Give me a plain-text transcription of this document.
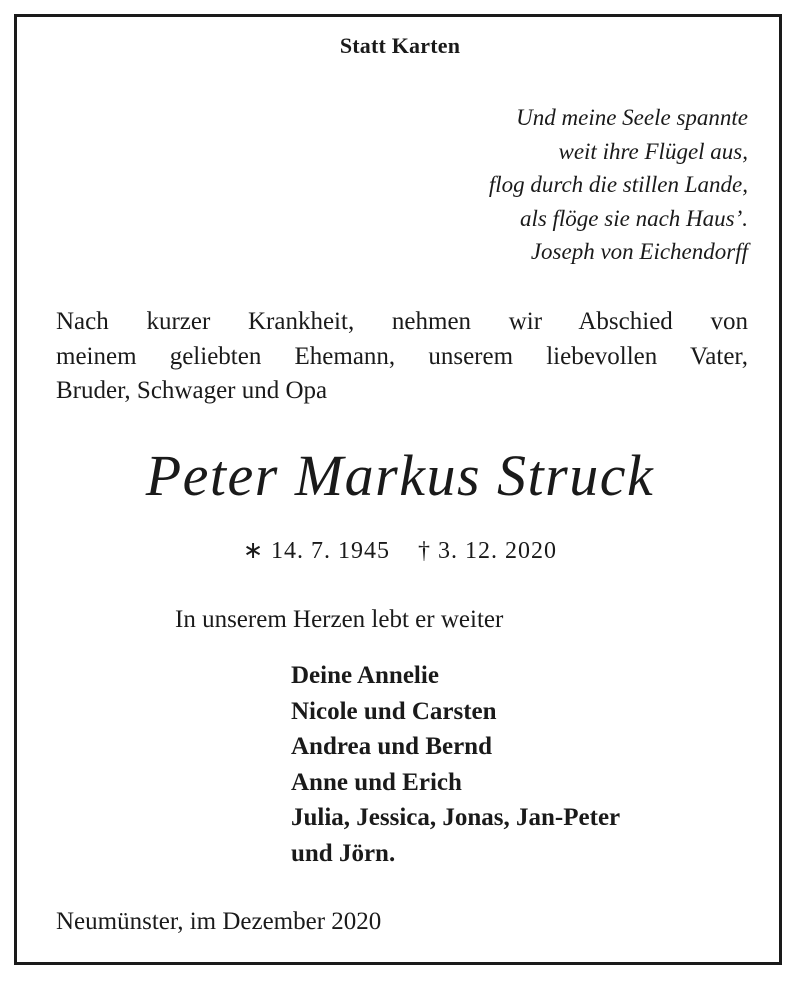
Statt Karten
Und meine Seele spannte
weit ihre Flügel aus,
flog durch die stillen Lande,
als flöge sie nach Haus’.
Joseph von Eichendorff
Nach kurzer Krankheit, nehmen wir Abschied von
meinem geliebten Ehemann, unserem liebevollen Vater,
Bruder, Schwager und Opa
Peter Markus Struck
∗ 14. 7. 1945 † 3. 12. 2020
In unserem Herzen lebt er weiter
Deine Annelie
Nicole und Carsten
Andrea und Bernd
Anne und Erich
Julia, Jessica, Jonas, Jan-Peter
und Jörn.
Neumünster, im Dezember 2020
